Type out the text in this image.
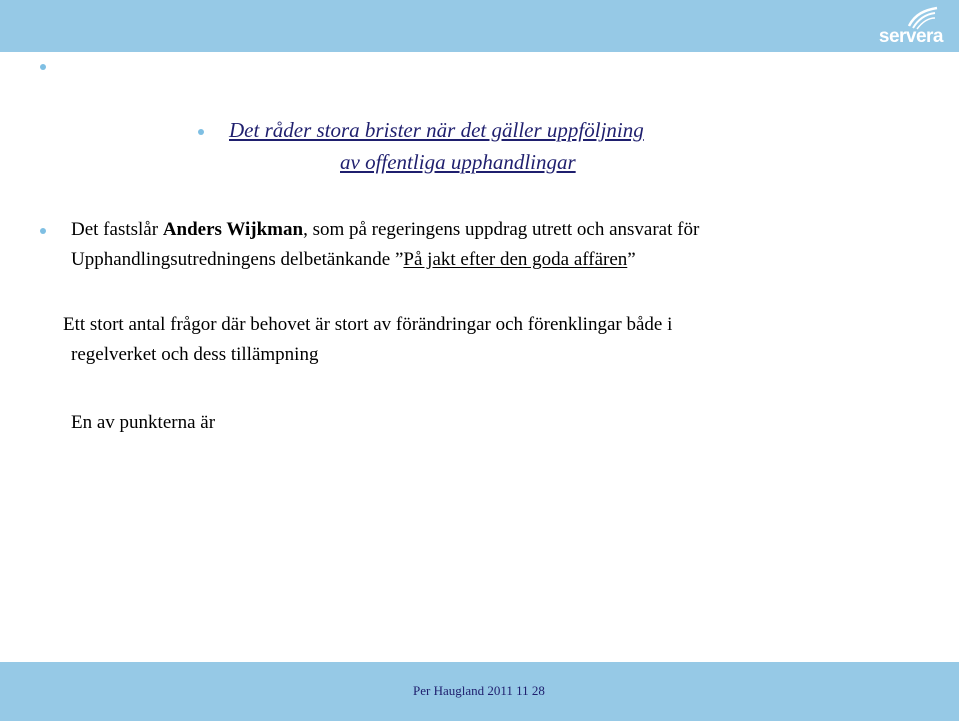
servera
Det råder stora brister när det gäller uppföljning
av offentliga upphandlingar
Det fastslår Anders Wijkman, som på regeringens uppdrag utrett och ansvarat för
Upphandlingsutredningens delbetänkande ”På jakt efter den goda affären”
Ett stort antal frågor där behovet är stort av förändringar och förenklingar både i
regelverket och dess tillämpning
En av punkterna är
Per Haugland 2011 11 28
